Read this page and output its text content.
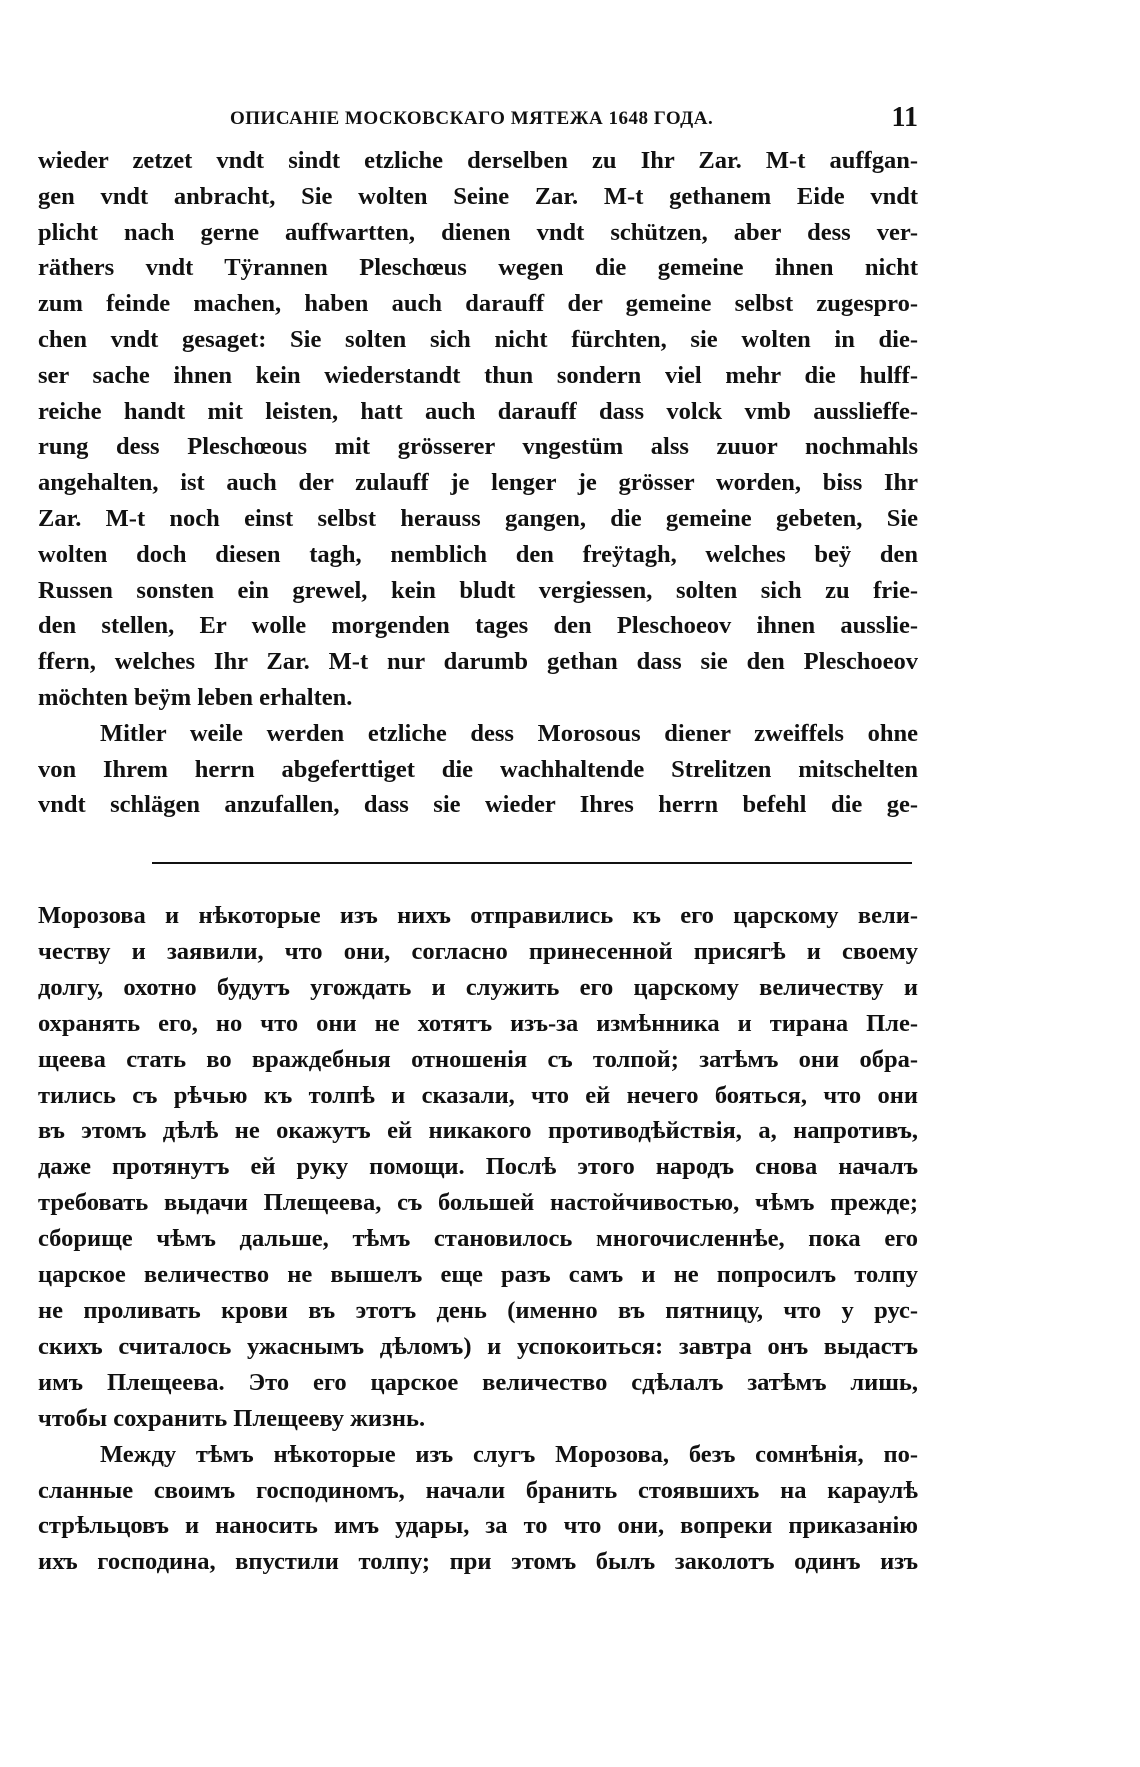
ОПИСАНІЕ МОСКОВСКАГО МЯТЕЖА 1648 ГОДА.	11
wieder zetzet vndt sindt etzliche derselben zu Ihr Zar. M-t auffgan-
gen vndt anbracht, Sie wolten Seine Zar. M-t gethanem Eide vndt
plicht nach gerne auffwartten, dienen vndt schützen, aber dess ver-
räthers vndt Tÿrannen Pleschœus wegen die gemeine ihnen nicht
zum feinde machen, haben auch darauff der gemeine selbst zugespro-
chen vndt gesaget: Sie solten sich nicht fürchten, sie wolten in die-
ser sache ihnen kein wiederstandt thun sondern viel mehr die hulff-
reiche handt mit leisten, hatt auch darauff dass volck vmb ausslieffe-
rung dess Pleschœous mit grösserer vngestüm alss zuuor nochmahls
angehalten, ist auch der zulauff je lenger je grösser worden, biss Ihr
Zar. M-t noch einst selbst herauss gangen, die gemeine gebeten, Sie
wolten doch diesen tagh, nemblich den freÿtagh, welches beÿ den
Russen sonsten ein grewel, kein bludt vergiessen, solten sich zu frie-
den stellen, Er wolle morgenden tages den Pleschoeov ihnen ausslie-
ffern, welches Ihr Zar. M-t nur darumb gethan dass sie den Pleschoeov
möchten beÿm leben erhalten.
Mitler weile werden etzliche dess Morosous diener zweiffels ohne
von Ihrem herrn abgeferttiget die wachhaltende Strelitzen mitschelten
vndt schlägen anzufallen, dass sie wieder Ihres herrn befehl die ge-
Морозова и нѣкоторые изъ нихъ отправились къ его царскому вели-
честву и заявили, что они, согласно принесенной присягѣ и своему
долгу, охотно будутъ угождать и служить его царскому величеству и
охранять его, но что они не хотятъ изъ-за измѣнника и тирана Пле-
щеева стать во враждебныя отношенія съ толпой; затѣмъ они обра-
тились съ рѣчью къ толпѣ и сказали, что ей нечего бояться, что они
въ этомъ дѣлѣ не окажутъ ей никакого противодѣйствія, а, напротивъ,
даже протянутъ ей руку помощи. Послѣ этого народъ снова началъ
требовать выдачи Плещеева, съ большей настойчивостью, чѣмъ прежде;
сборище чѣмъ дальше, тѣмъ становилось многочисленнѣе, пока его
царское величество не вышелъ еще разъ самъ и не попросилъ толпу
не проливать крови въ этотъ день (именно въ пятницу, что у рус-
скихъ считалось ужаснымъ дѣломъ) и успокоиться: завтра онъ выдастъ
имъ Плещеева. Это его царское величество сдѣлалъ затѣмъ лишь,
чтобы сохранить Плещееву жизнь.
Между тѣмъ нѣкоторые изъ слугъ Морозова, безъ сомнѣнія, по-
сланные своимъ господиномъ, начали бранить стоявшихъ на караулѣ
стрѣльцовъ и наносить имъ удары, за то что они, вопреки приказанію
ихъ господина, впустили толпу; при этомъ былъ заколотъ одинъ изъ
